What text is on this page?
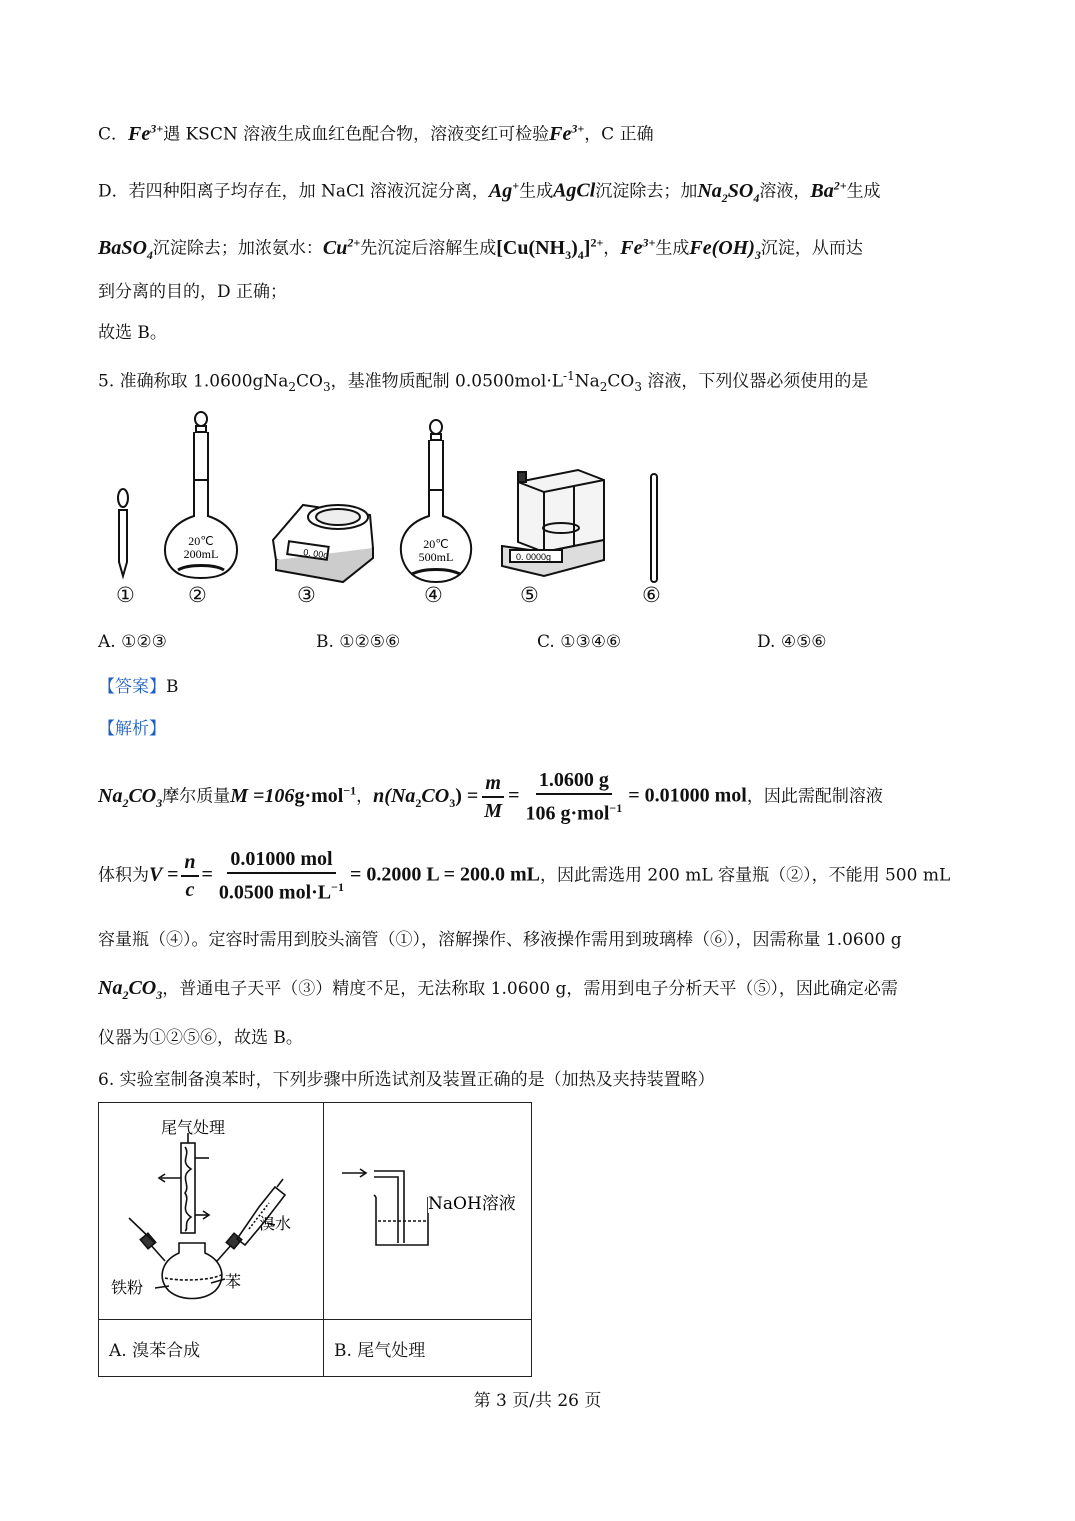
C．$Fe^{3+}$遇 KSCN 溶液生成血红色配合物，溶液变红可检验$Fe^{3+}$，C 正确
D．若四种阳离子均存在，加 NaCl 溶液沉淀分离，Ag+生成AgCl沉淀除去；加$Na_2SO_4$溶液，$Ba^{2+}$生成
BaSO$_4$沉淀除去；加浓氨水：$Cu^{2+}$先沉淀后溶解生成$[Cu(NH_3)_4]^{2+}$，$Fe^{3+}$生成$Fe(OH)_3$沉淀，从而达
到分离的目的，D 正确；
故选 B。
5. 准确称取 $1.0600gNa_2CO_3$，基准物质配制 $0.0500mol\cdot L^{-1}Na_2CO_3$ 溶液，下列仪器必须使用的是
20℃
200mL	0. 00g
20℃
500mL	0. 0000g
①	②	③	④	⑤	⑥
A. ①②③	B. ①②⑤⑥	C. ①③④⑥	D. ④⑤⑥
【答案】B
【解析】
$Na_2CO_3$摩尔质量M =106g·mol$^{-1}$，$n(Na_2CO_3) = \frac{m}{M} = \frac{1.0600 g}{106 g\cdot mol^{-1}} = 0.01000$ mol，因此需配制溶液
体积为$V = \frac{n}{c} = \frac{\text{0.01000 mol}}{0.0500 mol\cdot L^{-1}} = 0.2000$ L = 200.0 mL，因此需选用 200 mL 容量瓶（②），不能用 500 mL
容量瓶（④）。定容时需用到胶头滴管（①），溶解操作、移液操作需用到玻璃棒（⑥），因需称量 1.0600 g
$Na_2CO_3$，普通电子天平（③）精度不足，无法称取 1.0600 g，需用到电子分析天平（⑤），因此确定必需
仪器为①②⑤⑥，故选 B。
6. 实验室制备溴苯时，下列步骤中所选试剂及装置正确的是（加热及夹持装置略）
尾气处理
溴水
铁粉 苯	NaOH溶液

A. 溴苯合成	B. 尾气处理
第 3 页/共 26 页
